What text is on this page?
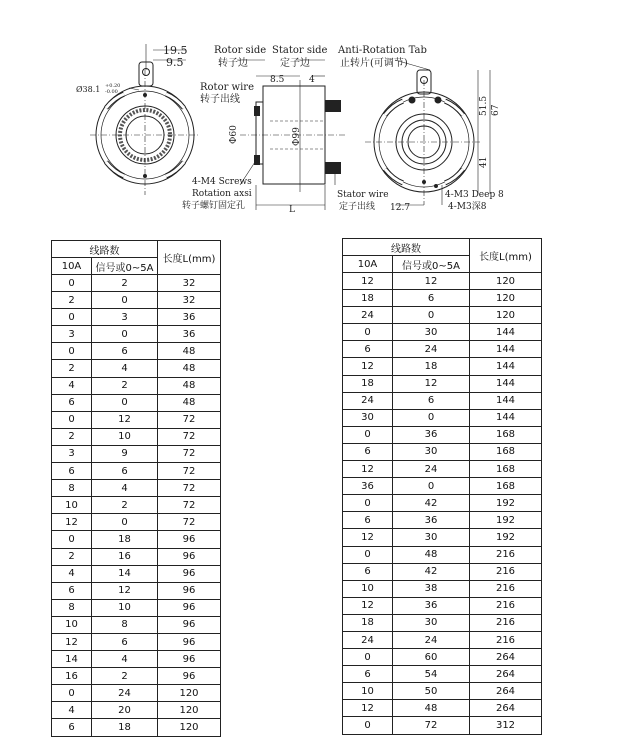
19.5
9.5
Ø38.1 +0.20
-0.00
Rotor side
转子边
Stator side
定子边
Rotor wire
转子出线
8.5	4
Φ60	Φ99
4-M4 Screws
Rotation axsi
转子螺钉固定孔	L
Stator wire
定子出线
Anti-Rotation Tab
止转片(可调节)
51.5 67
41
12.7
4-M3 Deep 8
4-M3深8
线路数		长度L(mm)
10A	信号或0~5A	
0	2	32
2	0	32
0	3	36
3	0	36
0	6	48
2	4	48
4	2	48
6	0	48
0	12	72
2	10	72
3	9	72
6	6	72
8	4	72
10	2	72
12	0	72
0	18	96
2	16	96
4	14	96
6	12	96
8	10	96
10	8	96
12	6	96
14	4	96
16	2	96
0	24	120
4	20	120
6	18	120
线路数		长度L(mm)
10A	信号或0~5A	
12	12	120
18	6	120
24	0	120
0	30	144
6	24	144
12	18	144
18	12	144
24	6	144
30	0	144
0	36	168
6	30	168
12	24	168
36	0	168
0	42	192
6	36	192
12	30	192
0	48	216
6	42	216
10	38	216
12	36	216
18	30	216
24	24	216
0	60	264
6	54	264
10	50	264
12	48	264
0	72	312
